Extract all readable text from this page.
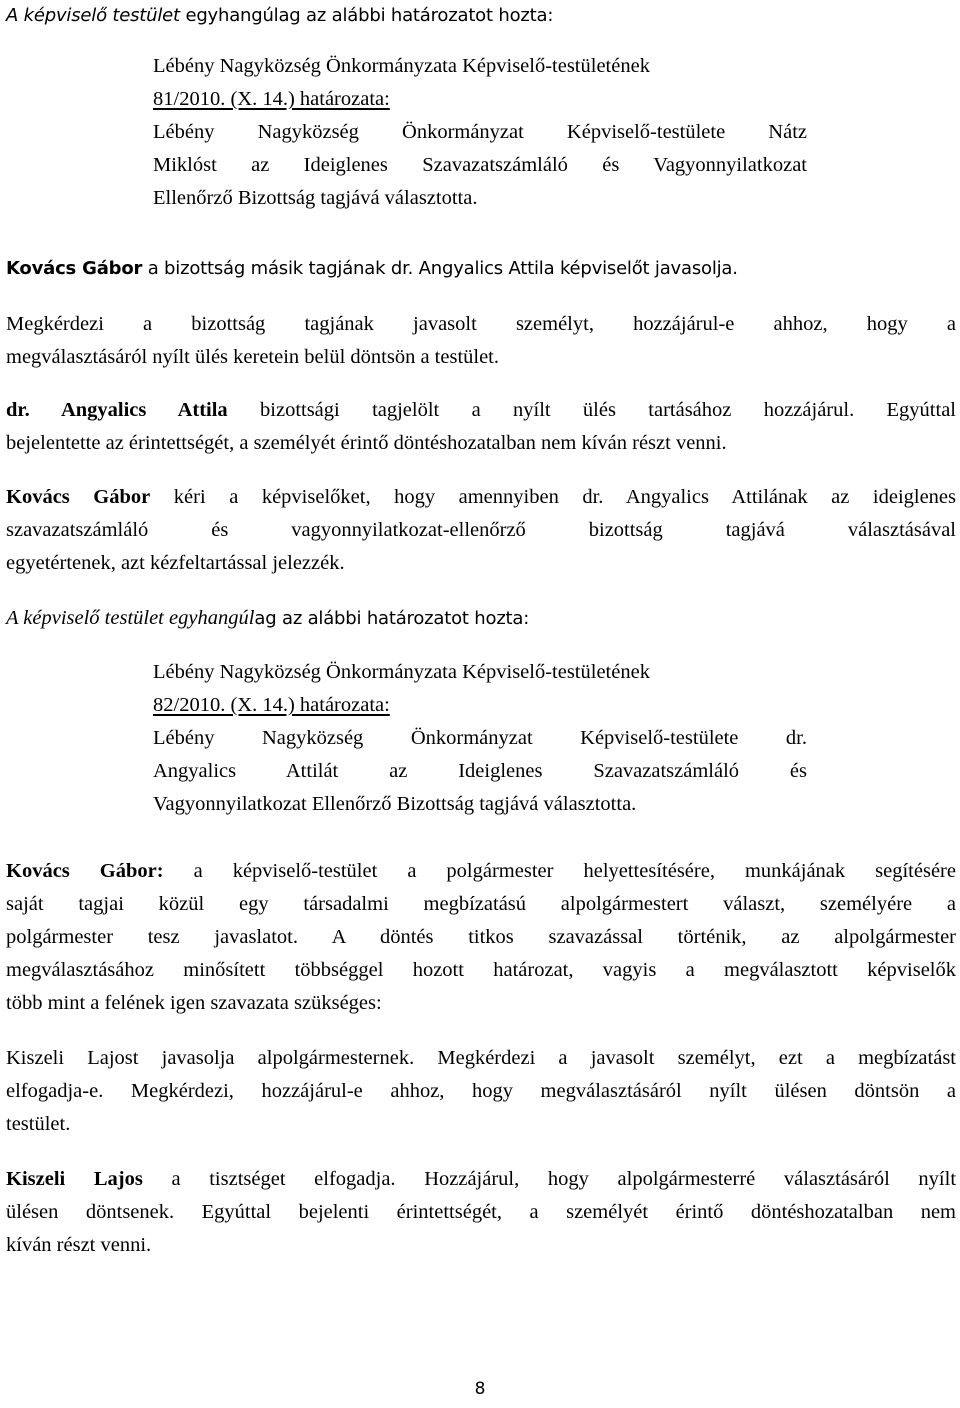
A képviselő testület egyhangúlag az alábbi határozatot hozta:
Lébény Nagyközség Önkormányzata Képviselő-testületének
81/2010. (X. 14.) határozata:
Lébény Nagyközség Önkormányzat Képviselő-testülete Nátz
Miklóst az Ideiglenes Szavazatszámláló és Vagyonnyilatkozat
Ellenőrző Bizottság tagjává választotta.
Kovács Gábor a bizottság másik tagjának dr. Angyalics Attila képviselőt javasolja.
Megkérdezi a bizottság tagjának javasolt személyt, hozzájárul-e ahhoz, hogy a
megválasztásáról nyílt ülés keretein belül döntsön a testület.
dr. Angyalics Attila bizottsági tagjelölt a nyílt ülés tartásához hozzájárul. Egyúttal
bejelentette az érintettségét, a személyét érintő döntéshozatalban nem kíván részt venni.
Kovács Gábor kéri a képviselőket, hogy amennyiben dr. Angyalics Attilának az ideiglenes
szavazatszámláló és vagyonnyilatkozat-ellenőrző bizottság tagjává választásával
egyetértenek, azt kézfeltartással jelezzék.
A képviselő testület egyhangúlag az alábbi határozatot hozta:
Lébény Nagyközség Önkormányzata Képviselő-testületének
82/2010. (X. 14.) határozata:
Lébény Nagyközség Önkormányzat Képviselő-testülete dr.
Angyalics Attilát az Ideiglenes Szavazatszámláló és
Vagyonnyilatkozat Ellenőrző Bizottság tagjává választotta.
Kovács Gábor: a képviselő-testület a polgármester helyettesítésére, munkájának segítésére
saját tagjai közül egy társadalmi megbízatású alpolgármestert választ, személyére a
polgármester tesz javaslatot. A döntés titkos szavazással történik, az alpolgármester
megválasztásához minősített többséggel hozott határozat, vagyis a megválasztott képviselők
több mint a felének igen szavazata szükséges:
Kiszeli Lajost javasolja alpolgármesternek. Megkérdezi a javasolt személyt, ezt a megbízatást
elfogadja-e. Megkérdezi, hozzájárul-e ahhoz, hogy megválasztásáról nyílt ülésen döntsön a
testület.
Kiszeli Lajos a tisztséget elfogadja. Hozzájárul, hogy alpolgármesterré választásáról nyílt
ülésen döntsenek. Egyúttal bejelenti érintettségét, a személyét érintő döntéshozatalban nem
kíván részt venni.
8
